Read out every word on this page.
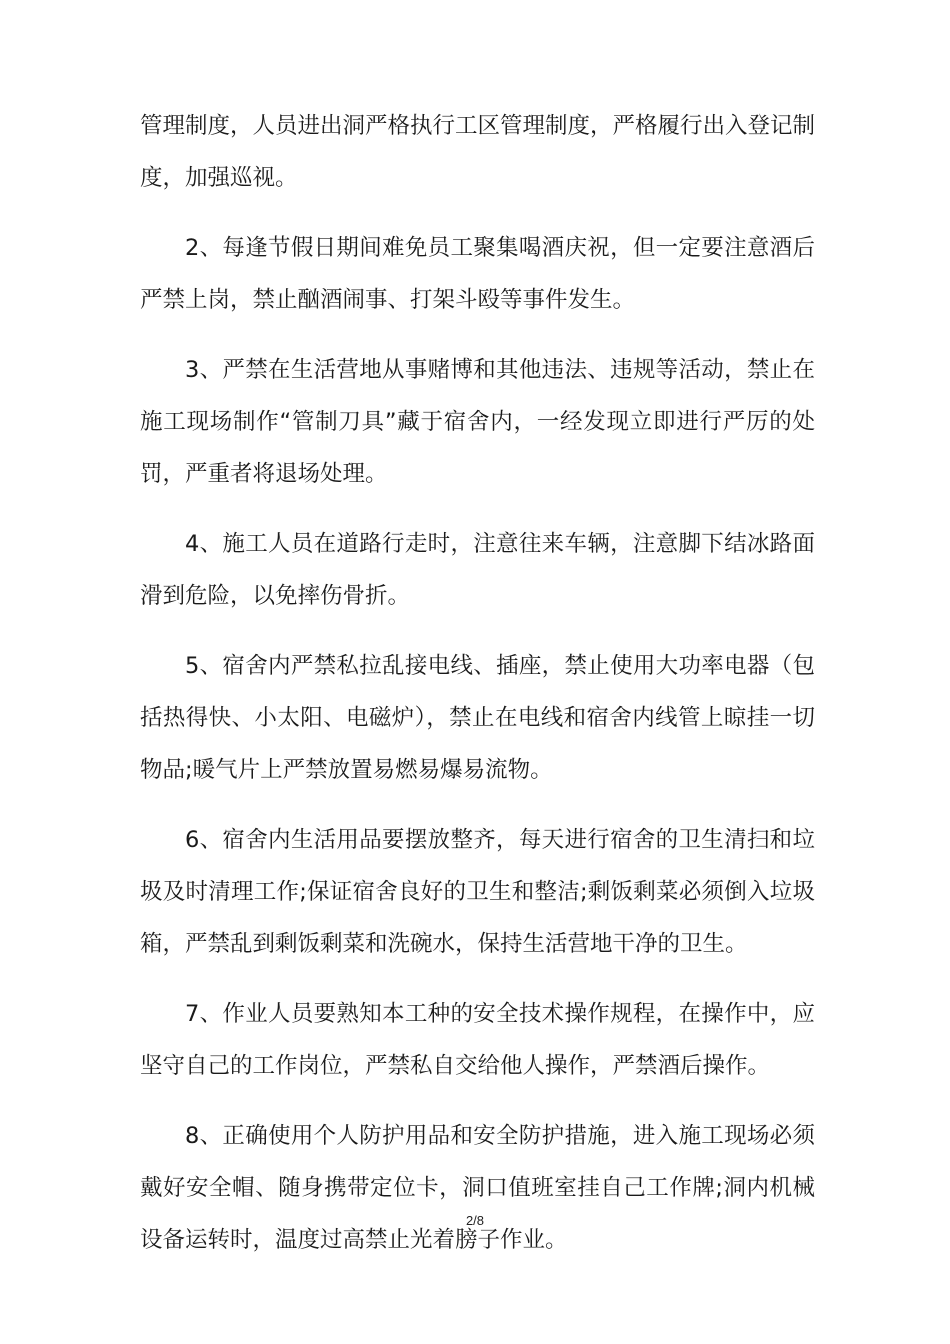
管理制度，人员进出洞严格执行工区管理制度，严格履行出入登记制度，加强巡视。

2、每逢节假日期间难免员工聚集喝酒庆祝，但一定要注意酒后严禁上岗，禁止酗酒闹事、打架斗殴等事件发生。

3、严禁在生活营地从事赌博和其他违法、违规等活动，禁止在施工现场制作“管制刀具”藏于宿舍内，一经发现立即进行严厉的处罚，严重者将退场处理。

4、施工人员在道路行走时，注意往来车辆，注意脚下结冰路面滑到危险，以免摔伤骨折。

5、宿舍内严禁私拉乱接电线、插座，禁止使用大功率电器（包括热得快、小太阳、电磁炉），禁止在电线和宿舍内线管上晾挂一切物品;暖气片上严禁放置易燃易爆易流物。

6、宿舍内生活用品要摆放整齐，每天进行宿舍的卫生清扫和垃圾及时清理工作;保证宿舍良好的卫生和整洁;剩饭剩菜必须倒入垃圾箱，严禁乱到剩饭剩菜和洗碗水，保持生活营地干净的卫生。

7、作业人员要熟知本工种的安全技术操作规程，在操作中，应坚守自己的工作岗位，严禁私自交给他人操作，严禁酒后操作。

8、正确使用个人防护用品和安全防护措施，进入施工现场必须戴好安全帽、随身携带定位卡，洞口值班室挂自己工作牌;洞内机械设备运转时，温度过高禁止光着膀子作业。

2/8
